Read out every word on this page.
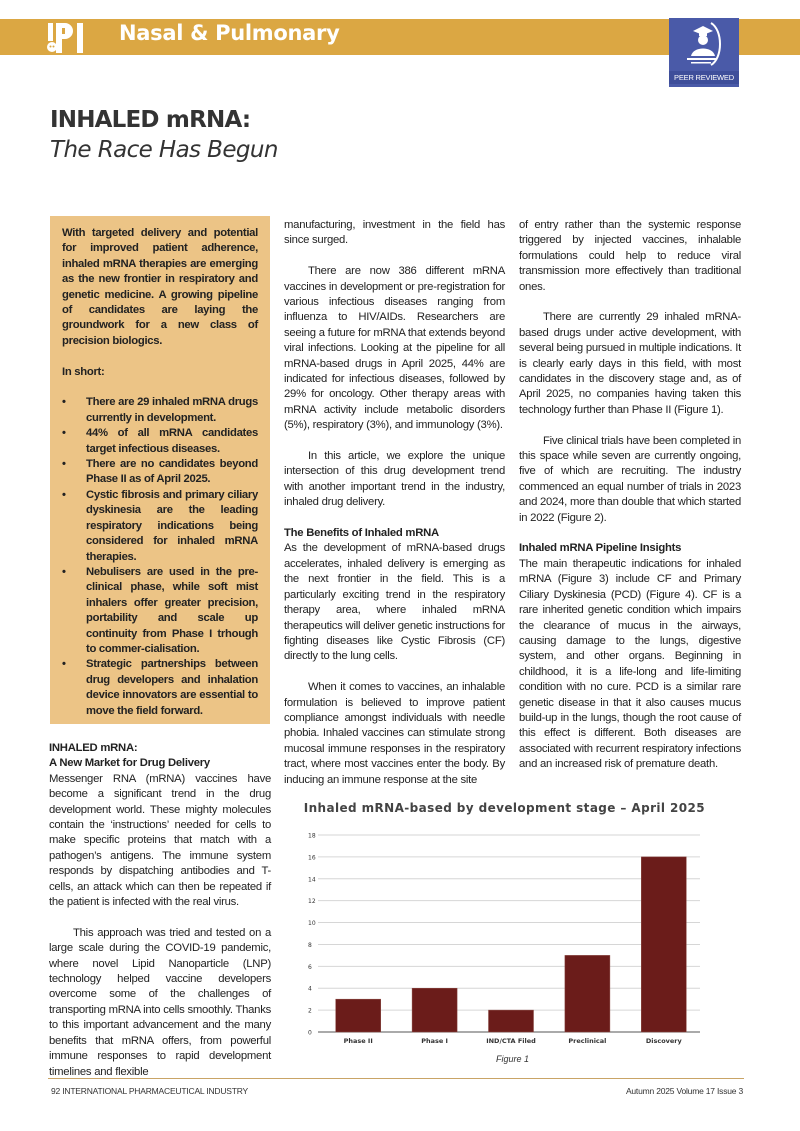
Nasal & Pulmonary
PEER REVIEWED
INHALED mRNA:
The Race Has Begun

With targeted delivery and potential for improved patient adherence, inhaled mRNA therapies are emerging as the new frontier in respiratory and genetic medicine. A growing pipeline of candidates are laying the groundwork for a new class of precision biologics.

In short:

• There are 29 inhaled mRNA drugs currently in development.
• 44% of all mRNA candidates target infectious diseases.
• There are no candidates beyond Phase II as of April 2025.
• Cystic fibrosis and primary ciliary dyskinesia are the leading respiratory indications being considered for inhaled mRNA therapies.
• Nebulisers are used in the pre-clinical phase, while soft mist inhalers offer greater precision, portability and scale up continuity from Phase I trhough to commer-cialisation.
• Strategic partnerships between drug developers and inhalation device innovators are essential to move the field forward.
INHALED mRNA:
A New Market for Drug Delivery

Messenger RNA (mRNA) vaccines have become a significant trend in the drug development world. These mighty molecules contain the ‘instructions’ needed for cells to make specific proteins that match with a pathogen’s antigens. The immune system responds by dispatching antibodies and T-cells, an attack which can then be repeated if the patient is infected with the real virus.

This approach was tried and tested on a large scale during the COVID-19 pandemic, where novel Lipid Nanoparticle (LNP) technology helped vaccine developers overcome some of the challenges of transporting mRNA into cells smoothly. Thanks to this important advancement and the many benefits that mRNA offers, from powerful immune responses to rapid development timelines and flexible

manufacturing, investment in the field has since surged.

There are now 386 different mRNA vaccines in development or pre-registration for various infectious diseases ranging from influenza to HIV/AIDs. Researchers are seeing a future for mRNA that extends beyond viral infections. Looking at the pipeline for all mRNA-based drugs in April 2025, 44% are indicated for infectious diseases, followed by 29% for oncology. Other therapy areas with mRNA activity include metabolic disorders (5%), respiratory (3%), and immunology (3%).

In this article, we explore the unique intersection of this drug development trend with another important trend in the industry, inhaled drug delivery.

The Benefits of Inhaled mRNA

As the development of mRNA-based drugs accelerates, inhaled delivery is emerging as the next frontier in the field. This is a particularly exciting trend in the respiratory therapy area, where inhaled mRNA therapeutics will deliver genetic instructions for fighting diseases like Cystic Fibrosis (CF) directly to the lung cells.

When it comes to vaccines, an inhalable formulation is believed to improve patient compliance amongst individuals with needle phobia. Inhaled vaccines can stimulate strong mucosal immune responses in the respiratory tract, where most vaccines enter the body. By inducing an immune response at the site

of entry rather than the systemic response triggered by injected vaccines, inhalable formulations could help to reduce viral transmission more effectively than traditional ones.

There are currently 29 inhaled mRNA-based drugs under active development, with several being pursued in multiple indications. It is clearly early days in this field, with most candidates in the discovery stage and, as of April 2025, no companies having taken this technology further than Phase II (Figure 1).

Five clinical trials have been completed in this space while seven are currently ongoing, five of which are recruiting. The industry commenced an equal number of trials in 2023 and 2024, more than double that which started in 2022 (Figure 2).

Inhaled mRNA Pipeline Insights

The main therapeutic indications for inhaled mRNA (Figure 3) include CF and Primary Ciliary Dyskinesia (PCD) (Figure 4). CF is a rare inherited genetic condition which impairs the clearance of mucus in the airways, causing damage to the lungs, digestive system, and other organs. Beginning in childhood, it is a life-long and life-limiting condition with no cure. PCD is a similar rare genetic disease in that it also causes mucus build-up in the lungs, though the root cause of this effect is different. Both diseases are associated with recurrent respiratory infections and an increased risk of premature death.

Inhaled mRNA-based by development stage – April 2025
0
2
4
6
8
10
12
14
16
18
Phase II	Phase I	IND/CTA Filed	Preclinical	Discovery
Figure 1
92 INTERNATIONAL PHARMACEUTICAL INDUSTRY	Autumn 2025 Volume 17 Issue 3
